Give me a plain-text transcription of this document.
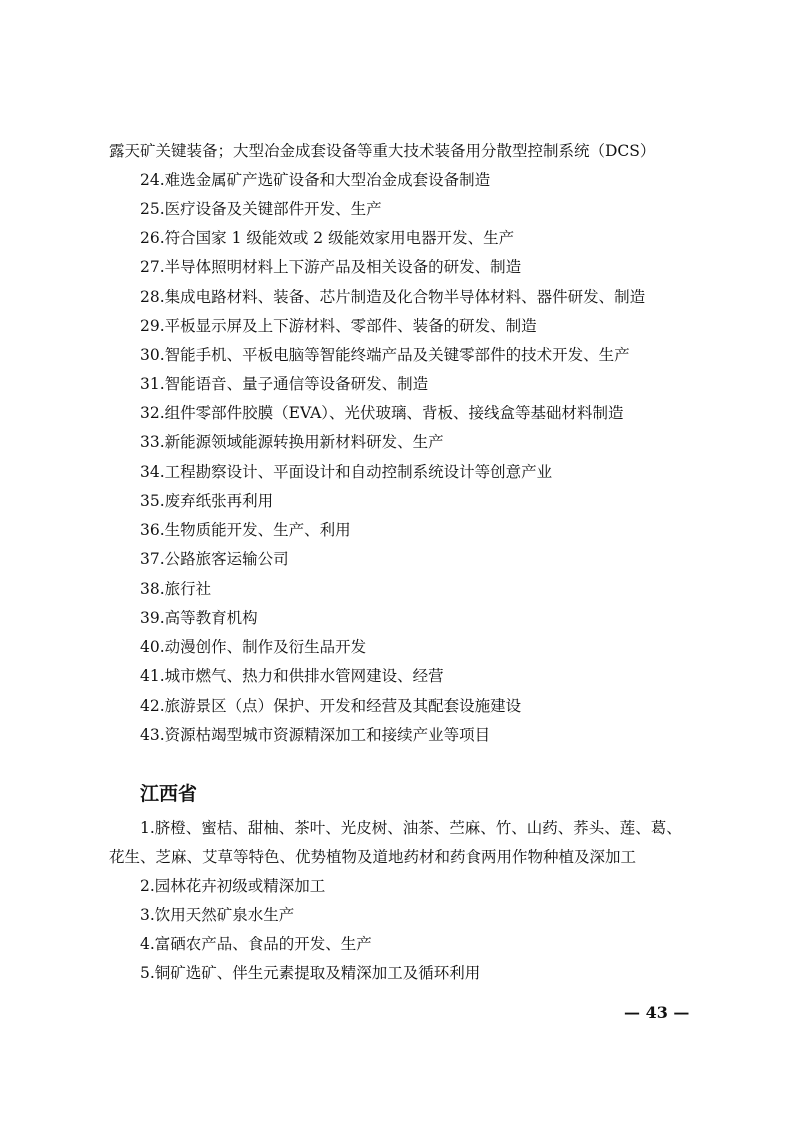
露天矿关键装备；大型冶金成套设备等重大技术装备用分散型控制系统（DCS）
24.难选金属矿产选矿设备和大型冶金成套设备制造
25.医疗设备及关键部件开发、生产
26.符合国家 1 级能效或 2 级能效家用电器开发、生产
27.半导体照明材料上下游产品及相关设备的研发、制造
28.集成电路材料、装备、芯片制造及化合物半导体材料、器件研发、制造
29.平板显示屏及上下游材料、零部件、装备的研发、制造
30.智能手机、平板电脑等智能终端产品及关键零部件的技术开发、生产
31.智能语音、量子通信等设备研发、制造
32.组件零部件胶膜（EVA）、光伏玻璃、背板、接线盒等基础材料制造
33.新能源领域能源转换用新材料研发、生产
34.工程勘察设计、平面设计和自动控制系统设计等创意产业
35.废弃纸张再利用
36.生物质能开发、生产、利用
37.公路旅客运输公司
38.旅行社
39.高等教育机构
40.动漫创作、制作及衍生品开发
41.城市燃气、热力和供排水管网建设、经营
42.旅游景区（点）保护、开发和经营及其配套设施建设
43.资源枯竭型城市资源精深加工和接续产业等项目
江西省
1.脐橙、蜜桔、甜柚、茶叶、光皮树、油茶、苎麻、竹、山药、荞头、莲、葛、
花生、芝麻、艾草等特色、优势植物及道地药材和药食两用作物种植及深加工
2.园林花卉初级或精深加工
3.饮用天然矿泉水生产
4.富硒农产品、食品的开发、生产
5.铜矿选矿、伴生元素提取及精深加工及循环利用
— 43 —
